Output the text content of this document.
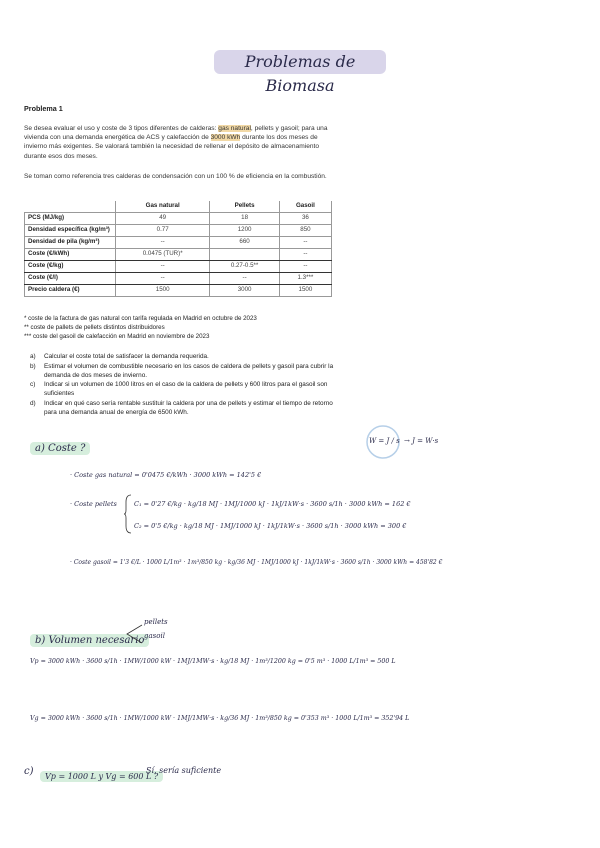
Problemas de Biomasa
Problema 1
Se desea evaluar el uso y coste de 3 tipos diferentes de calderas: gas natural, pellets y gasoil; para una vivienda con una demanda energética de ACS y calefacción de 3000 kWh durante los dos meses de invierno más exigentes. Se valorará también la necesidad de rellenar el depósito de almacenamiento durante esos dos meses.
Se toman como referencia tres calderas de condensación con un 100 % de eficiencia en la combustión.
	Gas natural	Pellets	Gasoil
PCS (MJ/kg)	49	18	36
Densidad específica (kg/m³)	0.77	1200	850
Densidad de pila (kg/m³)	--	660	--
Coste (€/kWh)	0.0475 (TUR)*		--
Coste (€/kg)	--	0.27-0.5**	--
Coste (€/l)	--	--	1.3***
Precio caldera (€)	1500	3000	1500
* coste de la factura de gas natural con tarifa regulada en Madrid en octubre de 2023
** coste de pallets de pellets distintos distribuidores
*** coste del gasoil de calefacción en Madrid en noviembre de 2023
a)	Calcular el coste total de satisfacer la demanda requerida.
b)	Estimar el volumen de combustible necesario en los casos de caldera de pellets y gasoil para cubrir la demanda de dos meses de invierno.
c)	Indicar si un volumen de 1000 litros en el caso de la caldera de pellets y 600 litros para el gasoil son suficientes
d)	Indicar en qué caso sería rentable sustituir la caldera por una de pellets y estimar el tiempo de retorno para una demanda anual de energía de 6500 kWh.
a) Coste ?
W = J / s → J = W·s
· Coste gas natural = 0'0475 €/kWh · 3000 kWh = 142'5 €
· Coste pellets	C₁ = 0'27 €/kg · kg/18 MJ · 1MJ/1000 kJ · 1kJ/1kW·s · 3600 s/1h · 3000 kWh = 162 €
C₂ = 0'5 €/kg · kg/18 MJ · 1MJ/1000 kJ · 1kJ/1kW·s · 3600 s/1h · 3000 kWh = 300 €
· Coste gasoil = 1'3 €/L · 1000 L/1m³ · 1m³/850 kg · kg/36 MJ · 1MJ/1000 kJ · 1kJ/1kW·s · 3600 s/1h · 3000 kWh = 458'82 €
b) Volumen necesario
pellets
gasoil
Vp = 3000 kWh · 3600 s/1h · 1MW/1000 kW · 1MJ/1MW·s · kg/18 MJ · 1m³/1200 kg = 0'5 m³ · 1000 L/1m³ = 500 L
Vg = 3000 kWh · 3600 s/1h · 1MW/1000 kW · 1MJ/1MW·s · kg/36 MJ · 1m³/850 kg = 0'353 m³ · 1000 L/1m³ = 352'94 L
c)	Vp = 1000 L y Vg = 600 L ?
Sí, sería suficiente
